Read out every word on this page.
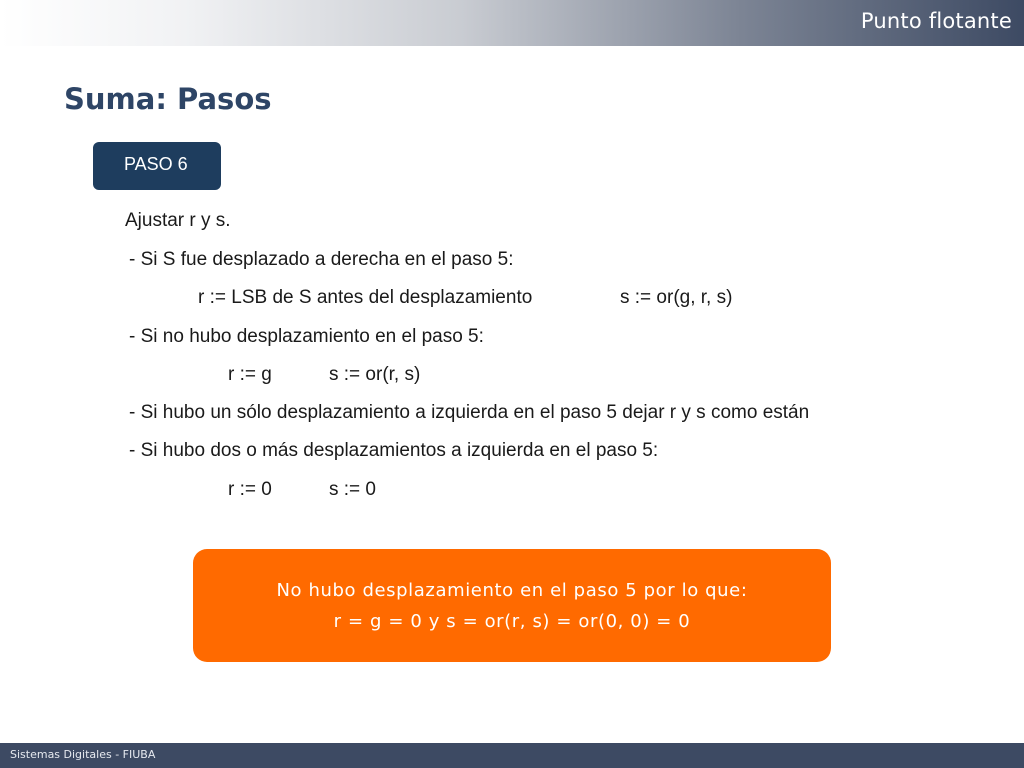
Punto flotante
Suma: Pasos
PASO 6
Ajustar r y s.
- Si S fue desplazado a derecha en el paso 5:
r := LSB de S antes del desplazamiento	s := or(g, r, s)
- Si no hubo desplazamiento en el paso 5:
r := g	s := or(r, s)
- Si hubo un sólo desplazamiento a izquierda en el paso 5 dejar r y s como están
- Si hubo dos o más desplazamientos a izquierda en el paso 5:
r := 0	s := 0
No hubo desplazamiento en el paso 5 por lo que:
r = g = 0 y s = or(r, s) = or(0, 0) = 0
Sistemas Digitales - FIUBA
